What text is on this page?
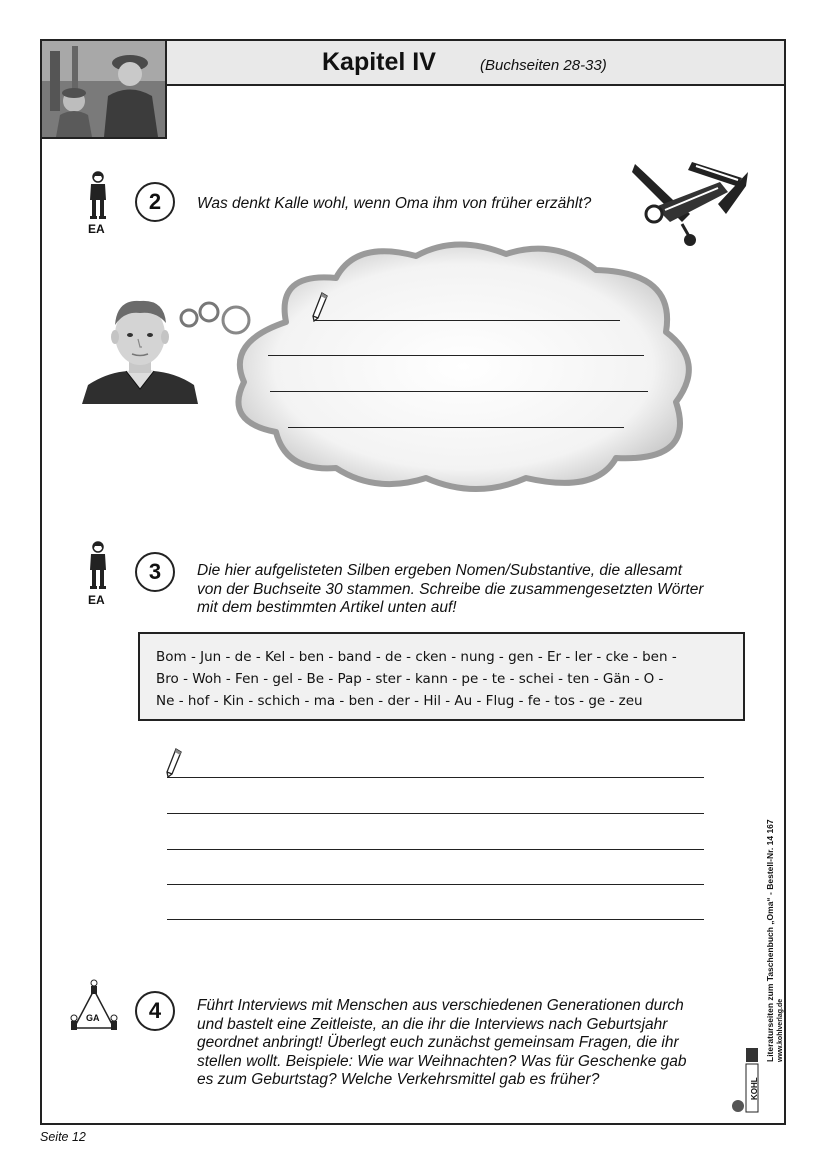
Kapitel IV	(Buchseiten 28-33)
EA
2	Was denkt Kalle wohl, wenn Oma ihm von früher erzählt?
EA
3	Die hier aufgelisteten Silben ergeben Nomen/Substantive, die allesamt
von der Buchseite 30 stammen. Schreibe die zusammengesetzten Wörter
mit dem bestimmten Artikel unten auf!
Bom - Jun - de - Kel - ben - band - de - cken - nung - gen - Er - ler - cke - ben -
Bro - Woh - Fen - gel - Be - Pap - ster - kann - pe - te - schei - ten - Gän - O -
Ne - hof - Kin - schich - ma - ben - der - Hil - Au - Flug - fe - tos - ge - zeu
GA	4	Führt Interviews mit Menschen aus verschiedenen Generationen durch
und bastelt eine Zeitleiste, an die ihr die Interviews nach Geburtsjahr
geordnet anbringt! Überlegt euch zunächst gemeinsam Fragen, die ihr
stellen wollt. Beispiele: Wie war Weihnachten? Was für Geschenke gab
es zum Geburtstag? Welche Verkehrsmittel gab es früher?
Literaturseiten zum Taschenbuch „Oma“ - Bestell-Nr. 14 167 www.kohlverlag.de
KOHL
Seite 12
